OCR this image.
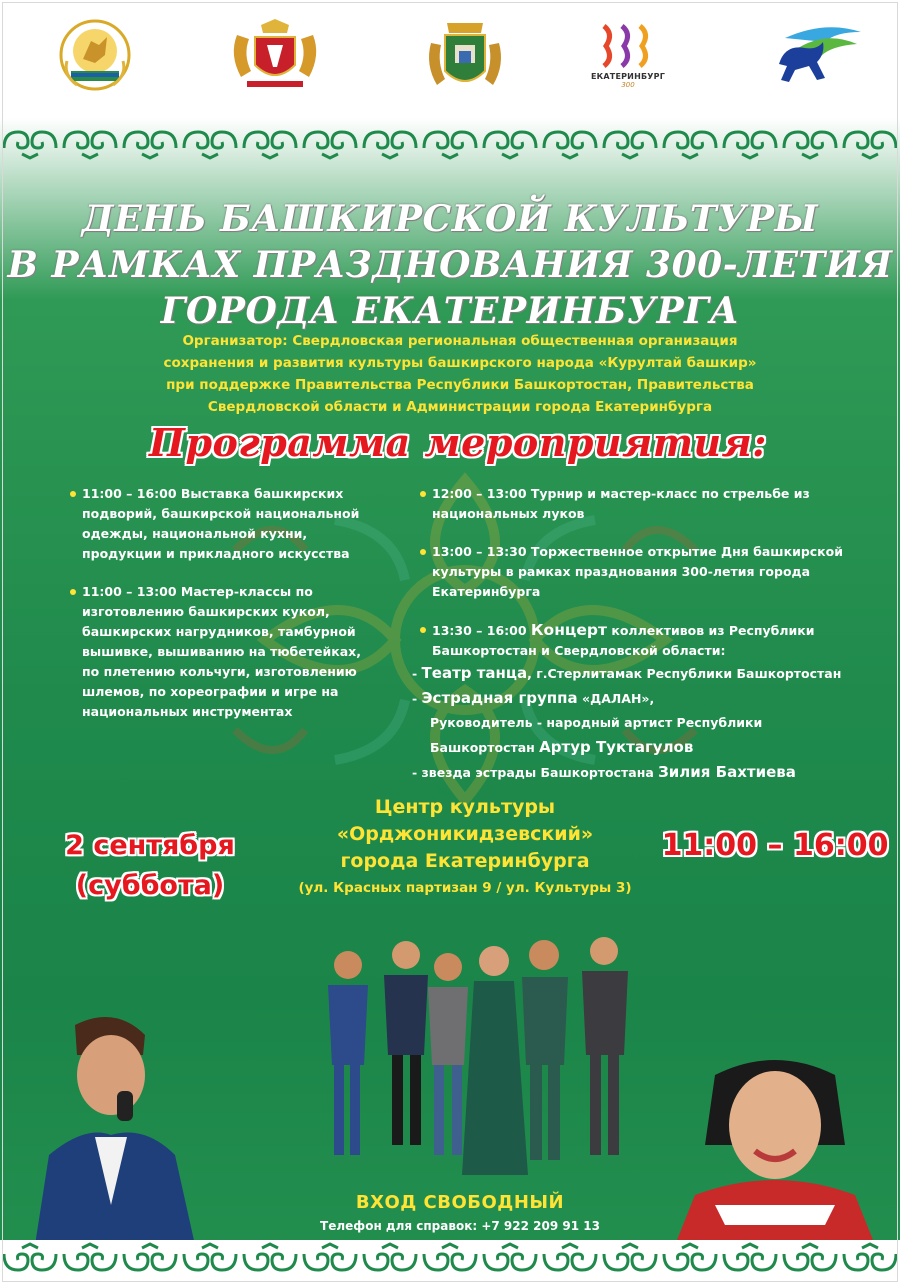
ЕКАТЕРИНБУРГ
300
ДЕНЬ БАШКИРСКОЙ КУЛЬТУРЫ
В РАМКАХ ПРАЗДНОВАНИЯ 300-ЛЕТИЯ
ГОРОДА ЕКАТЕРИНБУРГА
Организатор: Свердловская региональная общественная организация
сохранения и развития культуры башкирского народа «Курултай башкир»
при поддержке Правительства Республики Башкортостан, Правительства
Свердловской области и Администрации города Екатеринбурга
Программа мероприятия:
11:00 – 16:00 Выставка башкирских
подворий, башкирской национальной
одежды, национальной кухни,
продукции и прикладного искусства
11:00 – 13:00 Мастер-классы по
изготовлению башкирских кукол,
башкирских нагрудников, тамбурной
вышивке, вышиванию на тюбетейках,
по плетению кольчуги, изготовлению
шлемов, по хореографии и игре на
национальных инструментах
12:00 – 13:00 Турнир и мастер-класс по стрельбе из
национальных луков
13:00 – 13:30 Торжественное открытие Дня башкирской
культуры в рамках празднования 300-летия города
Екатеринбурга
13:30 – 16:00 Концерт коллективов из Республики
Башкортостан и Свердловской области:
- Театр танца, г.Стерлитамак Республики Башкортостан
- Эстрадная группа «ДАЛАН»,
Руководитель - народный артист Республики
Башкортостан Артур Туктагулов
- звезда эстрады Башкортостана Зилия Бахтиева
Центр культуры
«Орджоникидзевский»
города Екатеринбурга
(ул. Красных партизан 9 / ул. Культуры 3)
2 сентября
(суббота)
11:00 – 16:00
ВХОД СВОБОДНЫЙ
Телефон для справок: +7 922 209 91 13
